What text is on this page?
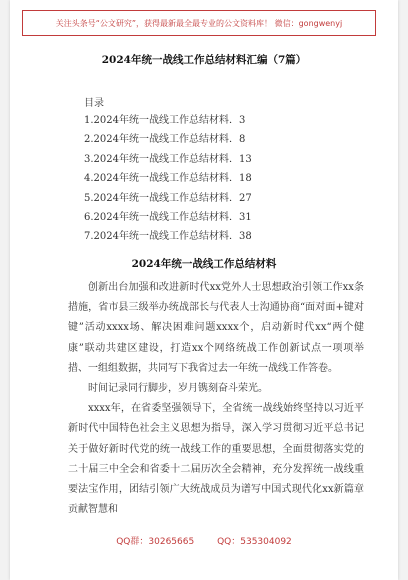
关注头条号“公文研究”，获得最新最全最专业的公文资料库！ 微信：gongwenyj
2024年统一战线工作总结材料汇编（7篇）
目录
1.2024年统一战线工作总结材料．3
2.2024年统一战线工作总结材料．8
3.2024年统一战线工作总结材料．13
4.2024年统一战线工作总结材料．18
5.2024年统一战线工作总结材料．27
6.2024年统一战线工作总结材料．31
7.2024年统一战线工作总结材料．38
2024年统一战线工作总结材料

创新出台加强和改进新时代xx党外人士思想政治引领工作xx条措施，省市县三级举办统战部长与代表人士沟通协商“面对面+键对键”活动xxxx场、解决困难问题xxxx个，启动新时代xx“两个健康”联动共建区建设，打造xx个网络统战工作创新试点一项项举措、一组组数据，共同写下我省过去一年统一战线工作答卷。

时间记录同行脚步，岁月镌刻奋斗荣光。

xxxx年，在省委坚强领导下，全省统一战线始终坚持以习近平新时代中国特色社会主义思想为指导，深入学习贯彻习近平总书记关于做好新时代党的统一战线工作的重要思想，全面贯彻落实党的二十届三中全会和省委十二届历次全会精神，充分发挥统一战线重要法宝作用，团结引领广大统战成员为谱写中国式现代化xx新篇章贡献智慧和

QQ群：30265665	QQ：535304092
